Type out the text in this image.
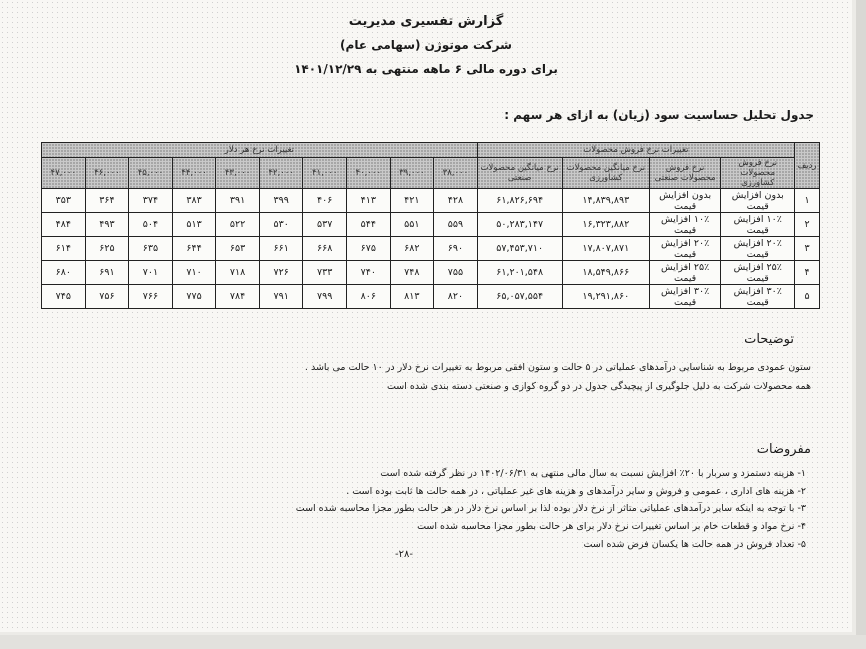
گزارش تفسیری مدیریت
شرکت موتوژن (سهامی عام)
برای دوره مالی ۶ ماهه منتهی به ۱۴۰۱/۱۲/۲۹
جدول تحلیل حساسیت سود (زیان) به ازای هر سهم :
ردیف	تغییرات نرخ فروش محصولات				تغییرات نرخ هر دلار									
	نرخ فروش محصولات کشاورزی	نرخ فروش محصولات صنعتی	نرخ میانگین محصولات کشاورزی	نرخ میانگین محصولات صنعتی	۳۸,۰۰۰	۳۹,۰۰۰	۴۰,۰۰۰	۴۱,۰۰۰	۴۲,۰۰۰	۴۳,۰۰۰	۴۴,۰۰۰	۴۵,۰۰۰	۴۶,۰۰۰	۴۷,۰۰۰
۱	بدون افزایش قیمت	بدون افزایش قیمت	۱۴,۸۳۹,۸۹۳	۶۱,۸۲۶,۶۹۴	۴۲۸	۴۲۱	۴۱۳	۴۰۶	۳۹۹	۳۹۱	۳۸۳	۳۷۴	۳۶۴	۳۵۳
۲	۱۰٪ افزایش قیمت	۱۰٪ افزایش قیمت	۱۶,۳۲۳,۸۸۲	۵۰,۲۸۳,۱۴۷	۵۵۹	۵۵۱	۵۴۴	۵۳۷	۵۳۰	۵۲۲	۵۱۳	۵۰۴	۴۹۳	۴۸۴
۳	۲۰٪ افزایش قیمت	۲۰٪ افزایش قیمت	۱۷,۸۰۷,۸۷۱	۵۷,۴۵۳,۷۱۰	۶۹۰	۶۸۲	۶۷۵	۶۶۸	۶۶۱	۶۵۳	۶۴۴	۶۳۵	۶۲۵	۶۱۴
۴	۲۵٪ افزایش قیمت	۲۵٪ افزایش قیمت	۱۸,۵۴۹,۸۶۶	۶۱,۲۰۱,۵۴۸	۷۵۵	۷۴۸	۷۴۰	۷۳۳	۷۲۶	۷۱۸	۷۱۰	۷۰۱	۶۹۱	۶۸۰
۵	۳۰٪ افزایش قیمت	۳۰٪ افزایش قیمت	۱۹,۲۹۱,۸۶۰	۶۵,۰۵۷,۵۵۴	۸۲۰	۸۱۳	۸۰۶	۷۹۹	۷۹۱	۷۸۴	۷۷۵	۷۶۶	۷۵۶	۷۴۵
توضیحات
ستون عمودی مربوط به شناسایی درآمدهای عملیاتی در ۵ حالت و ستون افقی مربوط به تغییرات نرخ دلار در ۱۰ حالت می باشد .
همه محصولات شرکت به دلیل جلوگیری از پیچیدگی جدول در دو گروه کوازی و صنعتی دسته بندی شده است
مفروضات
۱- هزینه دستمزد و سربار با ۲۰٪ افزایش نسبت به سال مالی منتهی به ۱۴۰۲/۰۶/۳۱ در نظر گرفته شده است
۲- هزینه های اداری ، عمومی و فروش و سایر درآمدهای و هزینه های غیر عملیاتی ، در همه حالت ها ثابت بوده است .
۳- با توجه به اینکه سایر درآمدهای عملیاتی متاثر از نرخ دلار بوده لذا بر اساس نرخ دلار در هر حالت بطور مجزا محاسبه شده است
۴- نرخ مواد و قطعات خام بر اساس تغییرات نرخ دلار برای هر حالت بطور مجزا محاسبه شده است
۵- تعداد فروش در همه حالت ها یکسان فرض شده است
-۲۸-
